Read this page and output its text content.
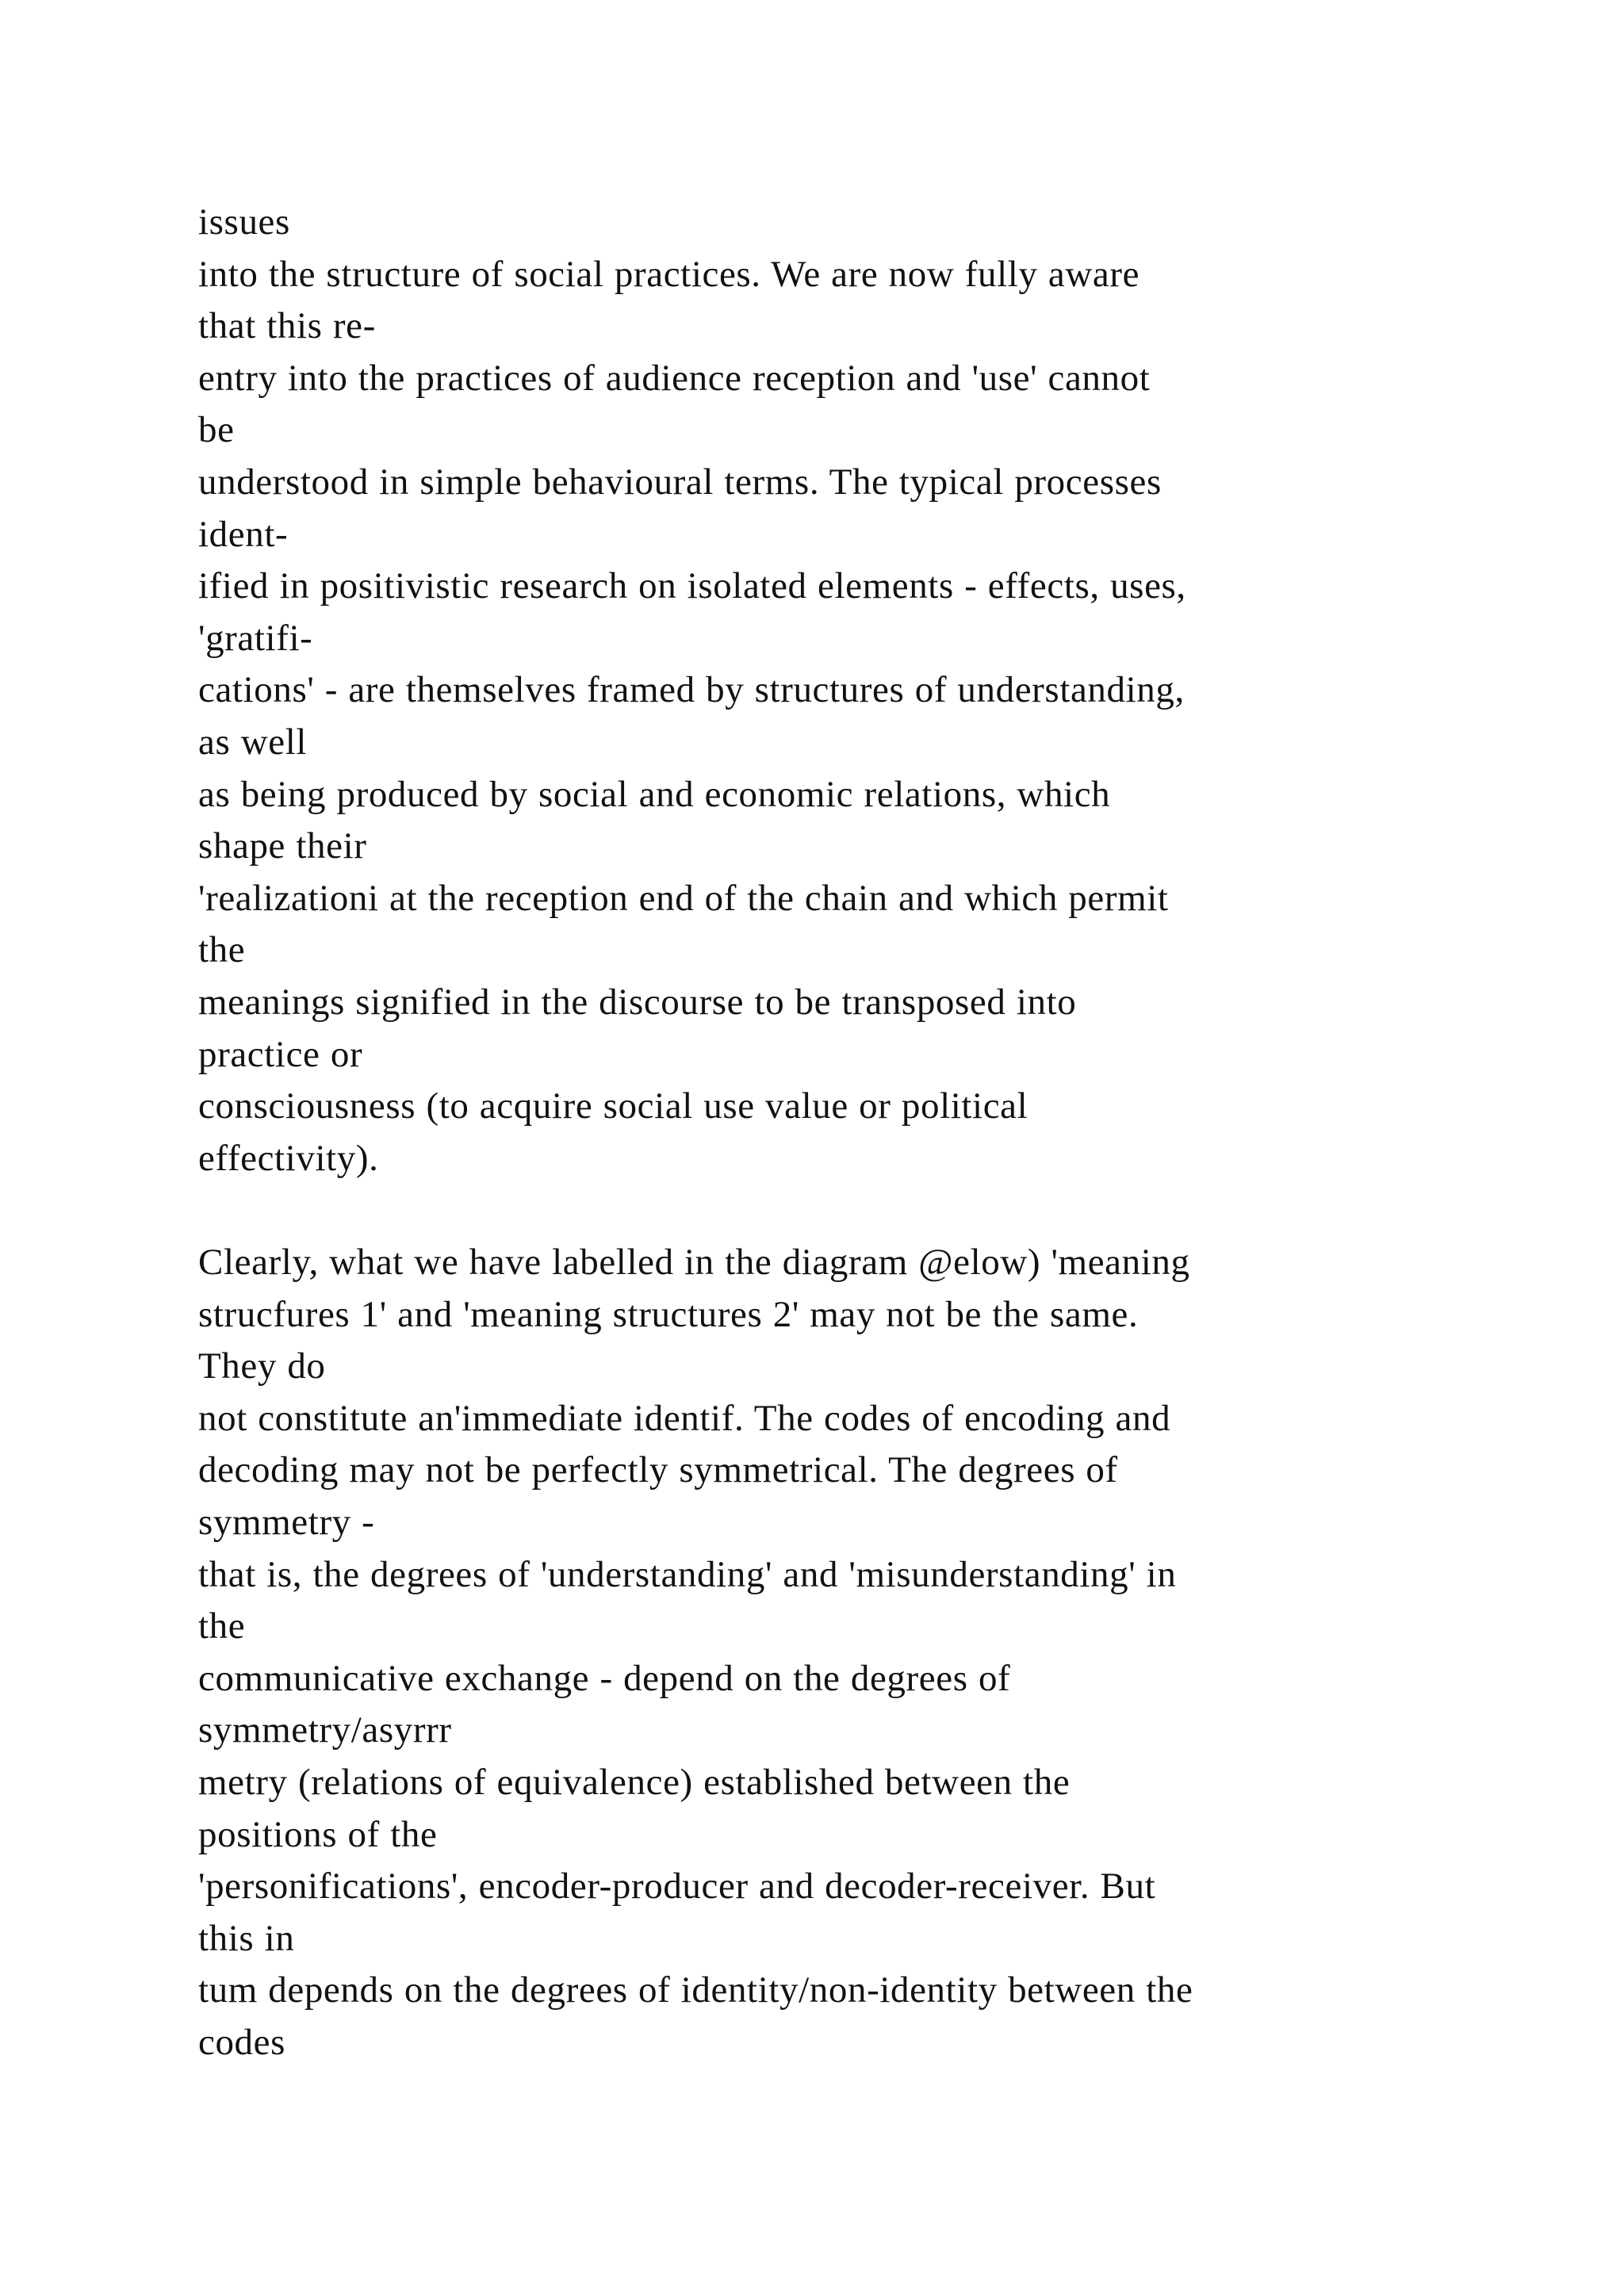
issues
into the structure of social practices. We are now fully aware
that this re-
entry into the practices of audience reception and 'use' cannot
be
understood in simple behavioural terms. The typical processes
ident-
ified in positivistic research on isolated elements - effects, uses,
'gratifi-
cations' - are themselves framed by structures of understanding,
as well
as being produced by social and economic relations, which
shape their
'realizationi at the reception end of the chain and which permit
the
meanings signified in the discourse to be transposed into
practice or
consciousness (to acquire social use value or political
effectivity).
Clearly, what we have labelled in the diagram @elow) 'meaning
strucfures 1' and 'meaning structures 2' may not be the same.
They do
not constitute an'immediate identif. The codes of encoding and
decoding may not be perfectly symmetrical. The degrees of
symmetry -
that is, the degrees of 'understanding' and 'misunderstanding' in
the
communicative exchange - depend on the degrees of
symmetry/asyrrr
metry (relations of equivalence) established between the
positions of the
'personifications', encoder-producer and decoder-receiver. But
this in
tum depends on the degrees of identity/non-identity between the
codes
